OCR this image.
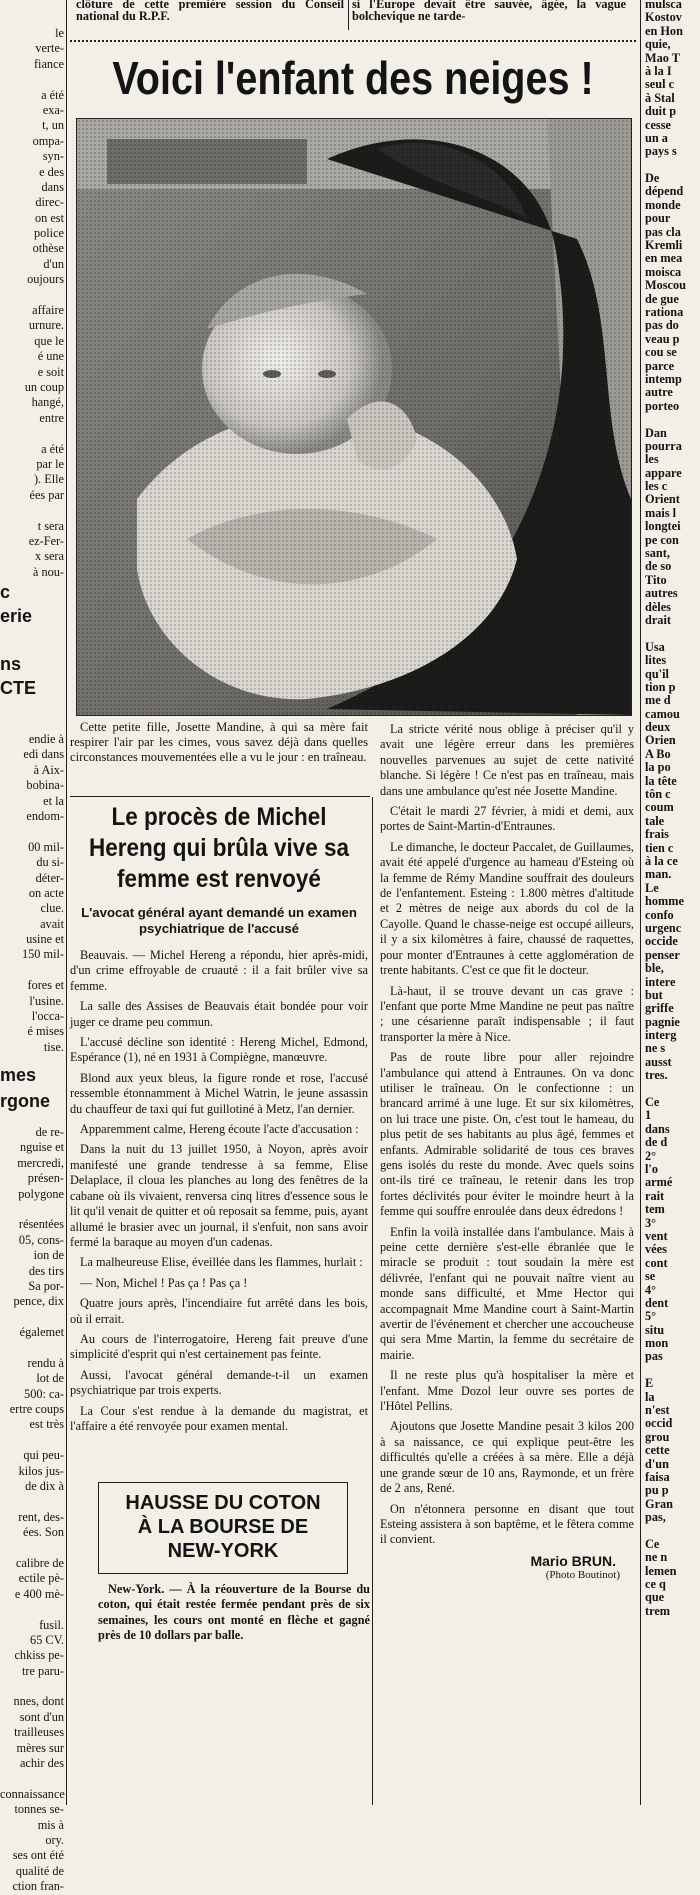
clôture de cette première session du Conseil national du R.P.F.

si l'Europe devait être sauvée, âgée, la vague bolchevique ne tarde-

le

verte-

fiance

a été

exa-

t, un

ompa-

syn-

e des

dans

direc-

on est

police

othèse

d'un

oujours

affaire

urnure.

que le

é une

e soit

un coup

hangé,

entre

a été

par le

). Elle

ées par

t sera

ez-Fer-

x sera

à nou-

c

erie

ns

CTE

endie à

edi dans

à Aix-

bobina-

et la

endom-

00 mil-

du si-

déter-

on acte

clue.

avait

usine et

150 mil-

fores et

l'usine.

l'occa-

é mises

tise.

mes

rgone

de re-

nguise et

mercredi,

présen-

polygone

résentées

05, cons-

ion de

des tirs

Sa por-

pence, dix

égalemet

rendu à

lot de

500: ca-

ertre coups

est très

qui peu-

kilos jus-

de dix à

rent, des-

ées. Son

calibre de

ectile pè-

e 400 mè-

fusil.

65 CV.

chkiss pe-

tre paru-

nnes, dont

sont d'un

trailleuses

mères sur

achir des

connaissance

tonnes se-

mis à

ory.

ses ont été

qualité de

ction fran-

Voici l'enfant des neiges !

Cette petite fille, Josette Mandine, à qui sa mère fait respirer l'air par les cimes, vous savez déjà dans quelles circonstances mouvementées elle a vu le jour : en traîneau.

Le procès de Michel Hereng qui brûla vive sa femme est renvoyé
L'avocat général ayant demandé un examen psychiatrique de l'accusé

Beauvais. — Michel Hereng a répondu, hier après-midi, d'un crime effroyable de cruauté : il a fait brûler vive sa femme.

La salle des Assises de Beauvais était bondée pour voir juger ce drame peu commun.

L'accusé décline son identité : Hereng Michel, Edmond, Espérance (1), né en 1931 à Compiègne, manœuvre.

Blond aux yeux bleus, la figure ronde et rose, l'accusé ressemble étonnamment à Michel Watrin, le jeune assassin du chauffeur de taxi qui fut guillotiné à Metz, l'an dernier.

Apparemment calme, Hereng écoute l'acte d'accusation :

Dans la nuit du 13 juillet 1950, à Noyon, après avoir manifesté une grande tendresse à sa femme, Elise Delaplace, il cloua les planches au long des fenêtres de la cabane où ils vivaient, renversa cinq litres d'essence sous le lit qu'il venait de quitter et où reposait sa femme, puis, ayant allumé le brasier avec un journal, il s'enfuit, non sans avoir fermé la baraque au moyen d'un cadenas.

La malheureuse Elise, éveillée dans les flammes, hurlait :

— Non, Michel ! Pas ça ! Pas ça !

Quatre jours après, l'incendiaire fut arrêté dans les bois, où il errait.

Au cours de l'interrogatoire, Hereng fait preuve d'une simplicité d'esprit qui n'est certainement pas feinte.

Aussi, l'avocat général demande-t-il un examen psychiatrique par trois experts.

La Cour s'est rendue à la demande du magistrat, et l'affaire a été renvoyée pour examen mental.

HAUSSE DU COTON À LA BOURSE DE NEW-YORK

New-York. — À la réouverture de la Bourse du coton, qui était restée fermée pendant près de six semaines, les cours ont monté en flèche et gagné près de 10 dollars par balle.

La stricte vérité nous oblige à préciser qu'il y avait une légère erreur dans les premières nouvelles parvenues au sujet de cette nativité blanche. Si légère ! Ce n'est pas en traîneau, mais dans une ambulance qu'est née Josette Mandine.

C'était le mardi 27 février, à midi et demi, aux portes de Saint-Martin-d'Entraunes.

Le dimanche, le docteur Paccalet, de Guillaumes, avait été appelé d'urgence au hameau d'Esteing où la femme de Rémy Mandine souffrait des douleurs de l'enfantement. Esteing : 1.800 mètres d'altitude et 2 mètres de neige aux abords du col de la Cayolle. Quand le chasse-neige est occupé ailleurs, il y a six kilomètres à faire, chaussé de raquettes, pour monter d'Entraunes à cette agglomération de trente habitants. C'est ce que fit le docteur.

Là-haut, il se trouve devant un cas grave : l'enfant que porte Mme Mandine ne peut pas naître ; une césarienne paraît indispensable ; il faut transporter la mère à Nice.

Pas de route libre pour aller rejoindre l'ambulance qui attend à Entraunes. On va donc utiliser le traîneau. On le confectionne : un brancard arrimé à une luge. Et sur six kilomètres, on lui trace une piste. On, c'est tout le hameau, du plus petit de ses habitants au plus âgé, femmes et enfants. Admirable solidarité de tous ces braves gens isolés du reste du monde. Avec quels soins ont-ils tiré ce traîneau, le retenir dans les trop fortes déclivités pour éviter le moindre heurt à la femme qui souffre enroulée dans deux édredons !

Enfin la voilà installée dans l'ambulance. Mais à peine cette dernière s'est-elle ébranlée que le miracle se produit : tout soudain la mère est délivrée, l'enfant qui ne pouvait naître vient au monde sans difficulté, et Mme Hector qui accompagnait Mme Mandine court à Saint-Martin avertir de l'événement et chercher une accoucheuse qui sera Mme Martin, la femme du secrétaire de mairie.

Il ne reste plus qu'à hospitaliser la mère et l'enfant. Mme Dozol leur ouvre ses portes de l'Hôtel Pellins.

Ajoutons que Josette Mandine pesait 3 kilos 200 à sa naissance, ce qui explique peut-être les difficultés qu'elle a créées à sa mère. Elle a déjà une grande sœur de 10 ans, Raymonde, et un frère de 2 ans, René.

On n'étonnera personne en disant que tout Esteing assistera à son baptême, et le fêtera comme il convient.

Mario BRUN.
(Photo Boutinot)

mulsca

Kostov

en Hon

quie,

Mao T

à la I

seul c

à Stal

duit p

cesse

un a

pays s

De

dépend

monde

pour

pas cla

Kremli

en mea

moisca

Moscou

de gue

rationa

pas do

veau p

cou se

parce

intemp

autre

porteo

Dan

pourra

les

appare

les c

Orient

mais l

longtei

pe con

sant,

de so

Tito

autres

dèles

drait

Usa

lites

qu'il

tion p

me d

camou

deux

Orien

A Bo

la po

la tête

tôn c

coum

tale

frais

tien c

à la ce

man.

Le

homme

confo

urgenc

occide

penser

ble,

intere

but

griffe

pagnie

interg

ne s

ausst

tres.

Ce

1

dans

de d

2°

l'o

armé

rait

tem

3°

vent

vées

cont

se

4°

dent

5°

situ

mon

pas

E

la

n'est

occid

grou

cette

d'un

faisa

pu p

Gran

pas,

Ce

ne n

lemen

ce q

que

trem
